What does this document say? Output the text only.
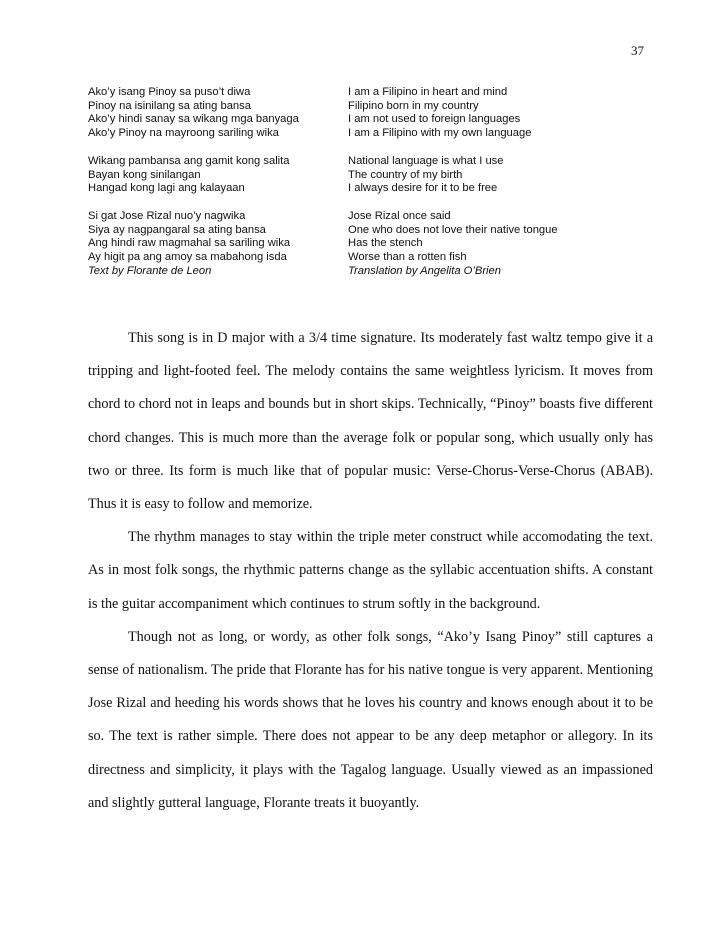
37
Ako’y isang Pinoy sa puso’t diwa
Pinoy na isinilang sa ating bansa
Ako’y hindi sanay sa wikang mga banyaga
Ako’y Pinoy na mayroong sariling wika
I am a Filipino in heart and mind
Filipino born in my country
I am not used to foreign languages
I am a Filipino with my own language
Wikang pambansa ang gamit kong salita
Bayan kong sinilangan
Hangad kong lagi ang kalayaan
National language is what I use
The country of my birth
I always desire for it to be free
Si gat Jose Rizal nuo’y nagwika
Siya ay nagpangaral sa ating bansa
Ang hindi raw magmahal sa sariling wika
Ay higit pa ang amoy sa mabahong isda
Text by Florante de Leon
Jose Rizal once said
One who does not love their native tongue
Has the stench
Worse than a rotten fish
Translation by Angelita O’Brien

This song is in D major with a 3/4 time signature. Its moderately fast waltz tempo give it a tripping and light-footed feel. The melody contains the same weightless lyricism. It moves from chord to chord not in leaps and bounds but in short skips. Technically, “Pinoy” boasts five different chord changes. This is much more than the average folk or popular song, which usually only has two or three. Its form is much like that of popular music: Verse-Chorus-Verse-Chorus (ABAB). Thus it is easy to follow and memorize.

The rhythm manages to stay within the triple meter construct while accomodating the text. As in most folk songs, the rhythmic patterns change as the syllabic accentuation shifts. A constant is the guitar accompaniment which continues to strum softly in the background.

Though not as long, or wordy, as other folk songs, “Ako’y Isang Pinoy” still captures a sense of nationalism. The pride that Florante has for his native tongue is very apparent. Mentioning Jose Rizal and heeding his words shows that he loves his country and knows enough about it to be so. The text is rather simple. There does not appear to be any deep metaphor or allegory. In its directness and simplicity, it plays with the Tagalog language. Usually viewed as an impassioned and slightly gutteral language, Florante treats it buoyantly.
